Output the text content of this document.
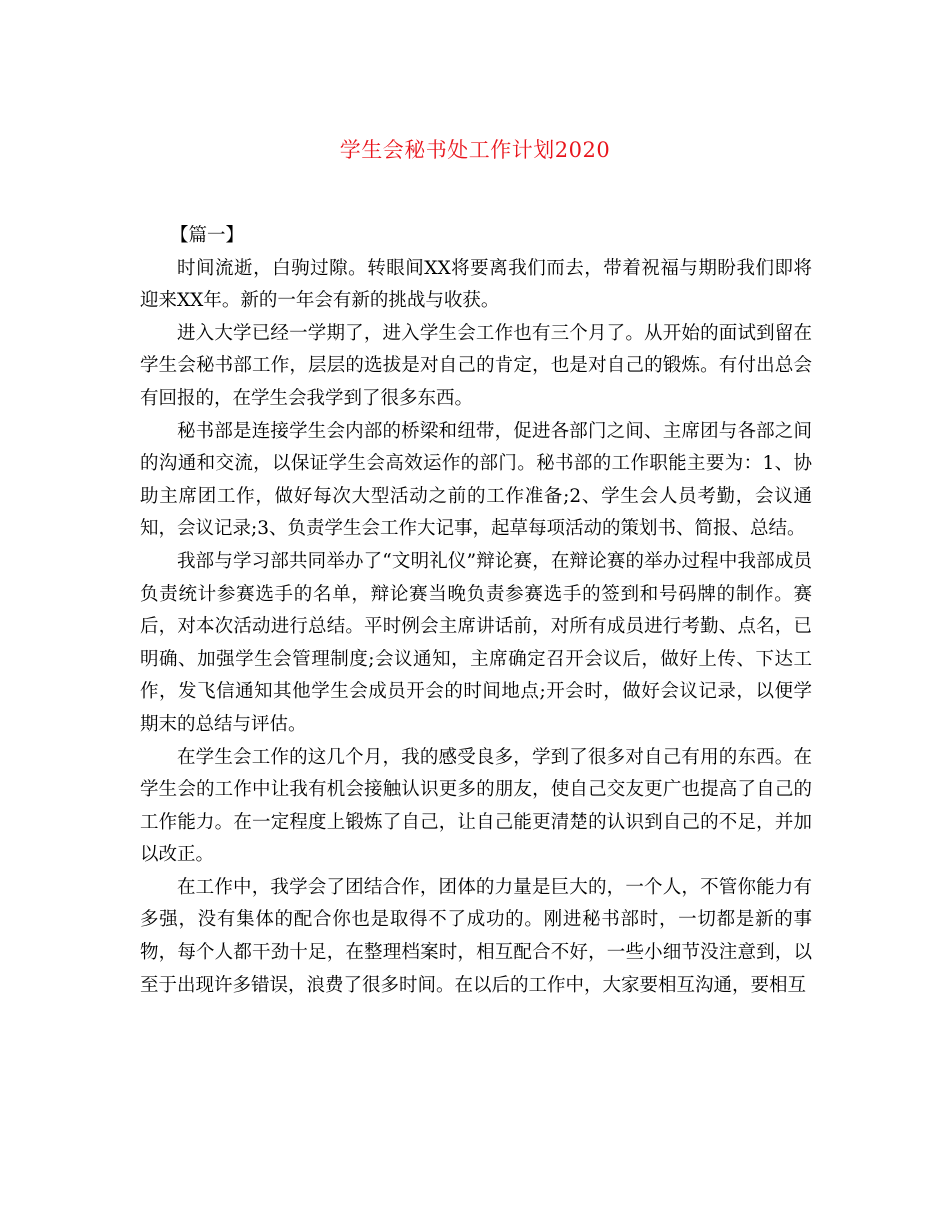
学生会秘书处工作计划2020

【篇一】

时间流逝，白驹过隙。转眼间XX将要离我们而去，带着祝福与期盼我们即将迎来XX年。新的一年会有新的挑战与收获。

进入大学已经一学期了，进入学生会工作也有三个月了。从开始的面试到留在学生会秘书部工作，层层的选拔是对自己的肯定，也是对自己的锻炼。有付出总会有回报的，在学生会我学到了很多东西。

秘书部是连接学生会内部的桥梁和纽带，促进各部门之间、主席团与各部之间的沟通和交流，以保证学生会高效运作的部门。秘书部的工作职能主要为：1、协助主席团工作，做好每次大型活动之前的工作准备;2、学生会人员考勤，会议通知，会议记录;3、负责学生会工作大记事，起草每项活动的策划书、简报、总结。

我部与学习部共同举办了“文明礼仪”辩论赛，在辩论赛的举办过程中我部成员负责统计参赛选手的名单，辩论赛当晚负责参赛选手的签到和号码牌的制作。赛后，对本次活动进行总结。平时例会主席讲话前，对所有成员进行考勤、点名，已明确、加强学生会管理制度;会议通知，主席确定召开会议后，做好上传、下达工作，发飞信通知其他学生会成员开会的时间地点;开会时，做好会议记录，以便学期末的总结与评估。

在学生会工作的这几个月，我的感受良多，学到了很多对自己有用的东西。在学生会的工作中让我有机会接触认识更多的朋友，使自己交友更广也提高了自己的工作能力。在一定程度上锻炼了自己，让自己能更清楚的认识到自己的不足，并加以改正。

在工作中，我学会了团结合作，团体的力量是巨大的，一个人，不管你能力有多强，没有集体的配合你也是取得不了成功的。刚进秘书部时，一切都是新的事物，每个人都干劲十足，在整理档案时，相互配合不好，一些小细节没注意到，以至于出现许多错误，浪费了很多时间。在以后的工作中，大家要相互沟通，要相互
